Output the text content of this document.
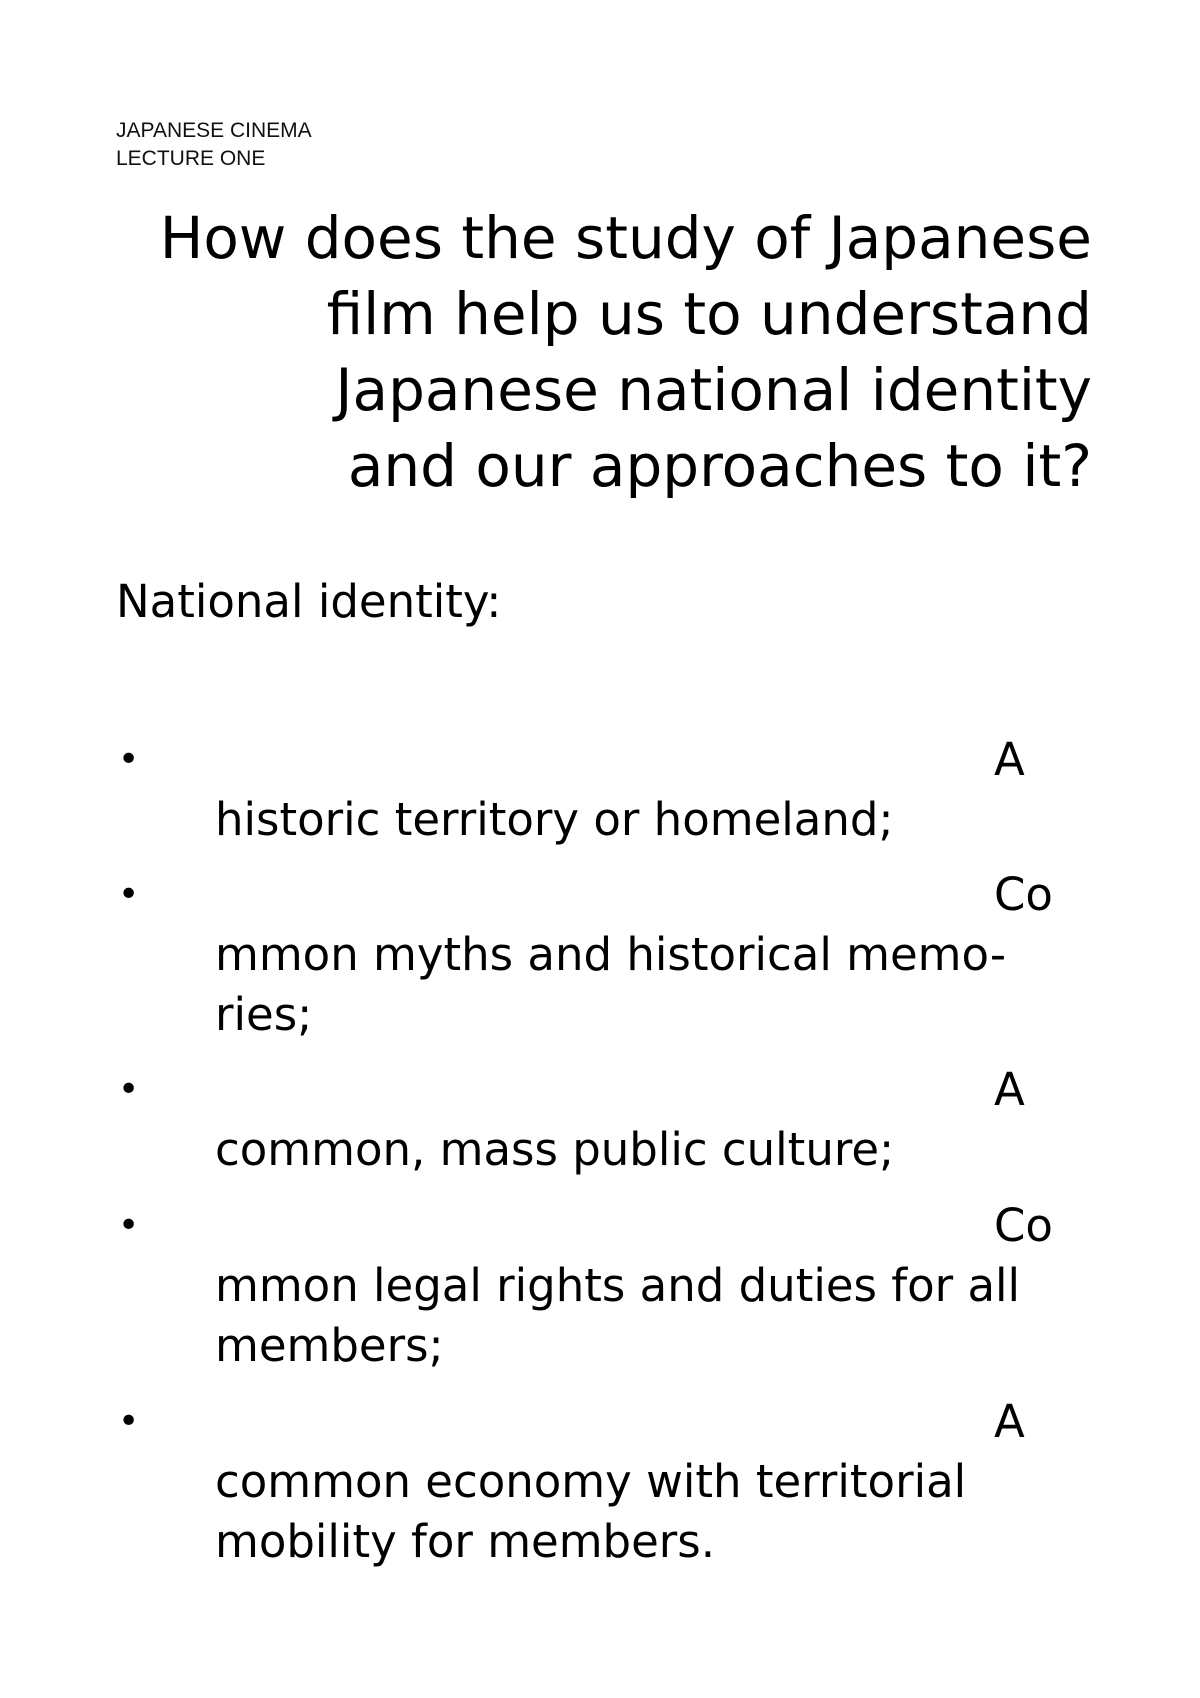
JAPANESE CINEMA
LECTURE ONE
How does the study of Japanese
film help us to understand
Japanese national identity
and our approaches to it?
National identity:
•	A
historic territory or homeland;
•	Co
mmon myths and historical memo-
ries;
•	A
common, mass public culture;
•	Co
mmon legal rights and duties for all
members;
•	A
common economy with territorial
mobility for members.
